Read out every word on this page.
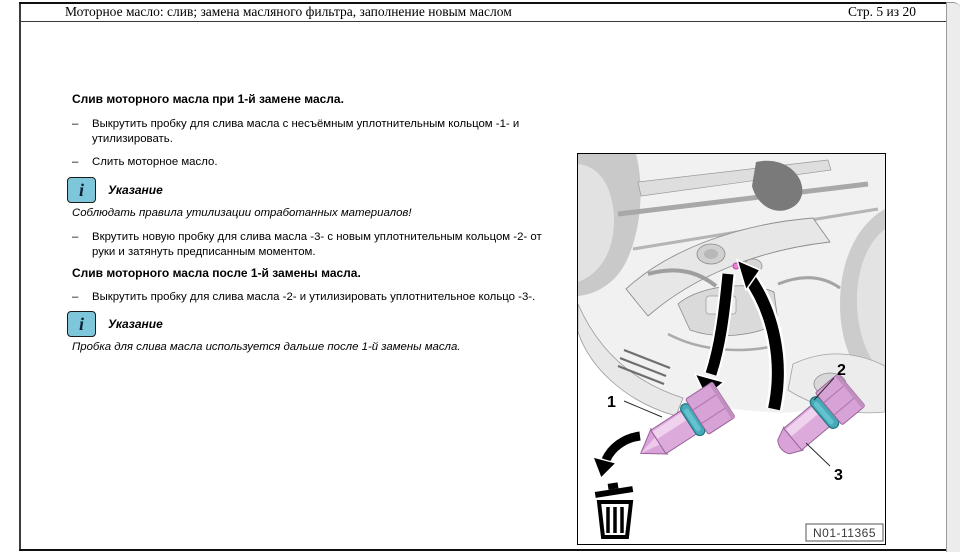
Моторное масло: слив; замена масляного фильтра, заполнение новым маслом	Стр. 5 из 20
Слив моторного масла при 1-й замене масла.
– Выкрутить пробку для слива масла с несъёмным уплотнительным кольцом -1- и
утилизировать.
– Слить моторное масло.
i Указание
Соблюдать правила утилизации отработанных материалов!
– Вкрутить новую пробку для слива масла -3- с новым уплотнительным кольцом -2- от
руки и затянуть предписанным моментом.
Слив моторного масла после 1-й замены масла.
– Выкрутить пробку для слива масла -2- и утилизировать уплотнительное кольцо -3-.
i Указание
Пробка для слива масла используется дальше после 1-й замены масла.
1
2
3
N01-11365
